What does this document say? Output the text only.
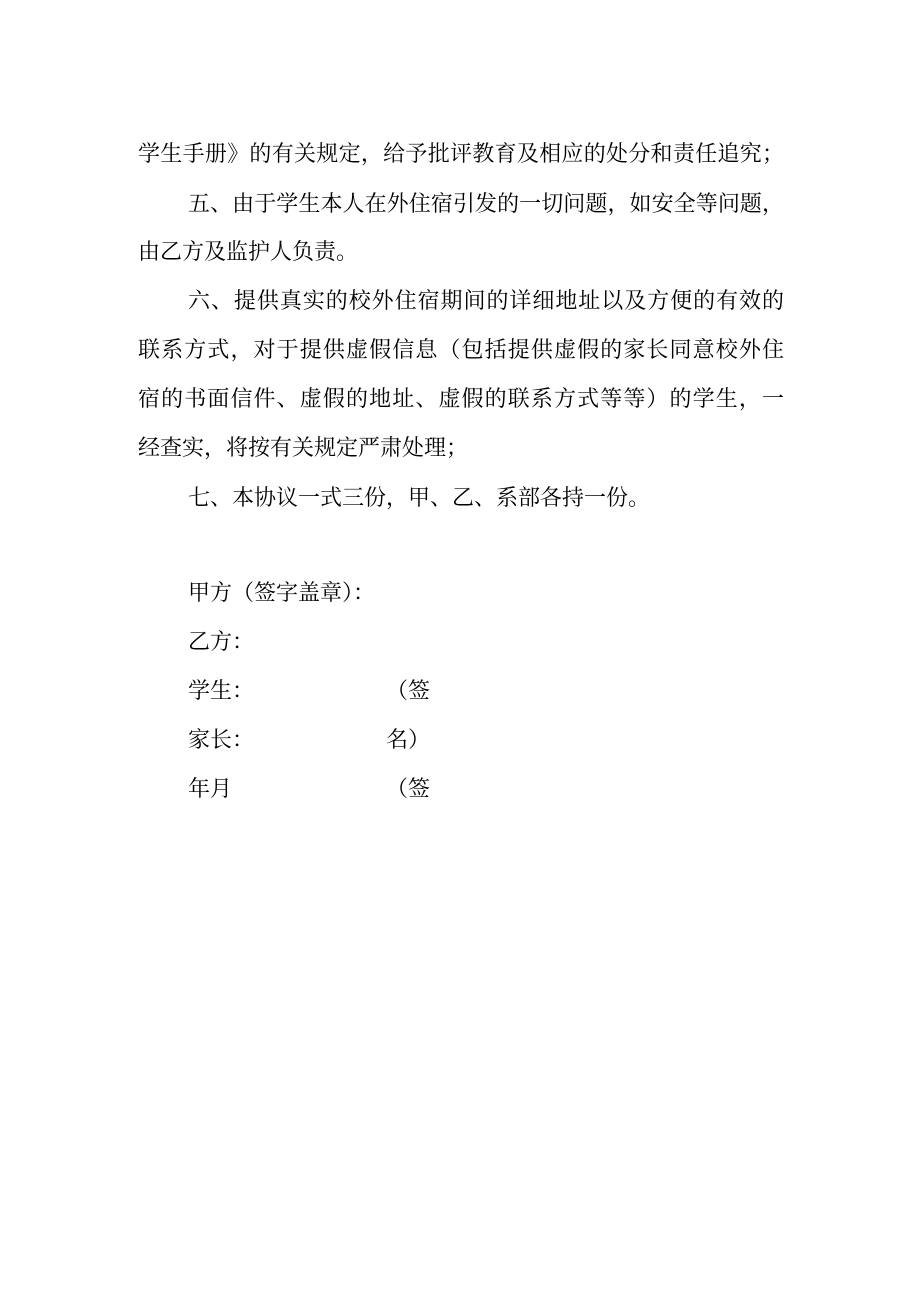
学生手册》的有关规定，给予批评教育及相应的处分和责任追究；
五、由于学生本人在外住宿引发的一切问题，如安全等问题，
由乙方及监护人负责。
六、提供真实的校外住宿期间的详细地址以及方便的有效的
联系方式，对于提供虚假信息（包括提供虚假的家长同意校外住
宿的书面信件、虚假的地址、虚假的联系方式等等）的学生，一
经查实，将按有关规定严肃处理；
七、本协议一式三份，甲、乙、系部各持一份。
甲方（签字盖章）：
乙方：
学生：
家长：
年月
（签
名）
（签
